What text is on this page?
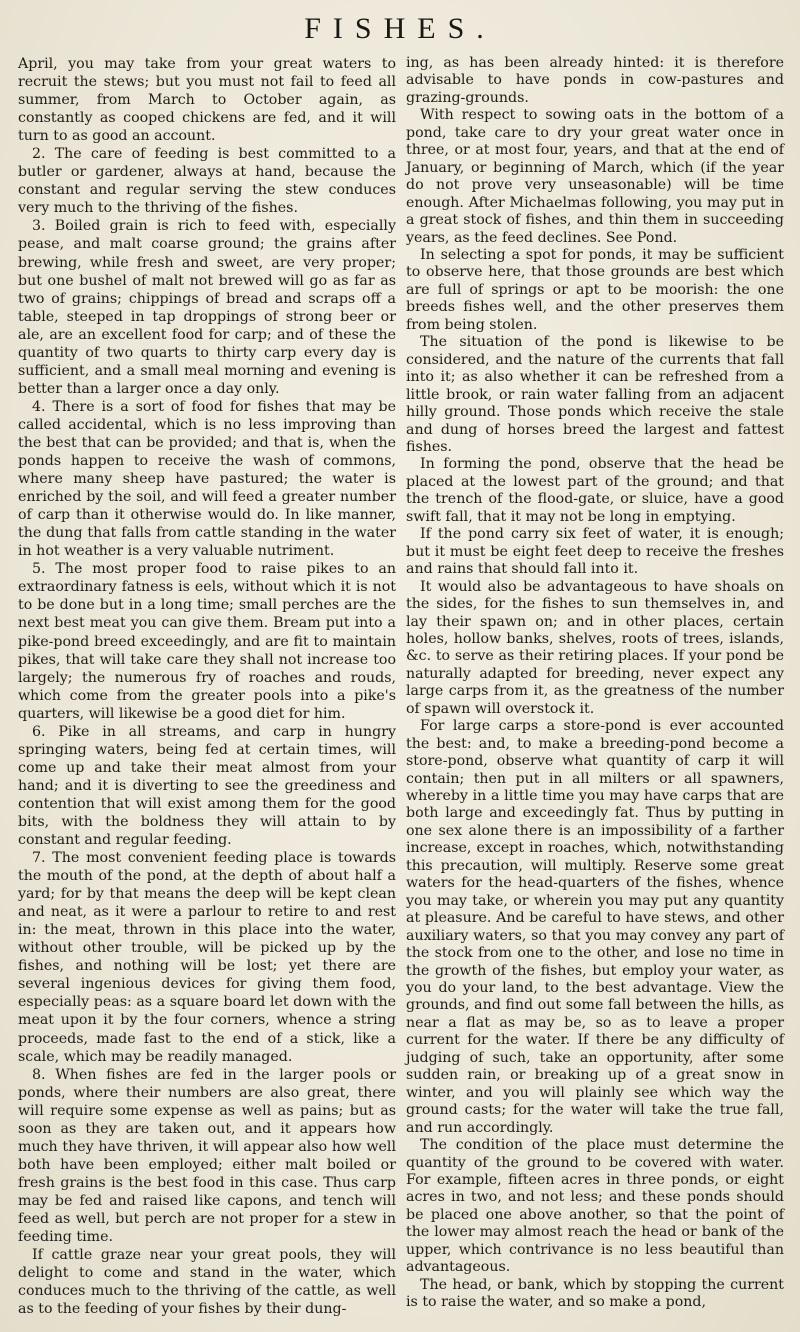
FISHES.

April, you may take from your great waters to recruit the stews; but you must not fail to feed all summer, from March to October again, as constantly as cooped chickens are fed, and it will turn to as good an account.

2. The care of feeding is best committed to a butler or gardener, always at hand, because the constant and regular serving the stew conduces very much to the thriving of the fishes.

3. Boiled grain is rich to feed with, especially pease, and malt coarse ground; the grains after brewing, while fresh and sweet, are very proper; but one bushel of malt not brewed will go as far as two of grains; chippings of bread and scraps off a table, steeped in tap droppings of strong beer or ale, are an excellent food for carp; and of these the quantity of two quarts to thirty carp every day is sufficient, and a small meal morning and evening is better than a larger once a day only.

4. There is a sort of food for fishes that may be called accidental, which is no less improving than the best that can be provided; and that is, when the ponds happen to receive the wash of commons, where many sheep have pastured; the water is enriched by the soil, and will feed a greater number of carp than it otherwise would do. In like manner, the dung that falls from cattle standing in the water in hot weather is a very valuable nutriment.

5. The most proper food to raise pikes to an extraordinary fatness is eels, without which it is not to be done but in a long time; small perches are the next best meat you can give them. Bream put into a pike-pond breed exceedingly, and are fit to maintain pikes, that will take care they shall not increase too largely; the numerous fry of roaches and rouds, which come from the greater pools into a pike's quarters, will likewise be a good diet for him.

6. Pike in all streams, and carp in hungry springing waters, being fed at certain times, will come up and take their meat almost from your hand; and it is diverting to see the greediness and contention that will exist among them for the good bits, with the boldness they will attain to by constant and regular feeding.

7. The most convenient feeding place is towards the mouth of the pond, at the depth of about half a yard; for by that means the deep will be kept clean and neat, as it were a parlour to retire to and rest in: the meat, thrown in this place into the water, without other trouble, will be picked up by the fishes, and nothing will be lost; yet there are several ingenious devices for giving them food, especially peas: as a square board let down with the meat upon it by the four corners, whence a string proceeds, made fast to the end of a stick, like a scale, which may be readily managed.

8. When fishes are fed in the larger pools or ponds, where their numbers are also great, there will require some expense as well as pains; but as soon as they are taken out, and it appears how much they have thriven, it will appear also how well both have been employed; either malt boiled or fresh grains is the best food in this case. Thus carp may be fed and raised like capons, and tench will feed as well, but perch are not proper for a stew in feeding time.

If cattle graze near your great pools, they will delight to come and stand in the water, which conduces much to the thriving of the cattle, as well as to the feeding of your fishes by their dung-

ing, as has been already hinted: it is therefore advisable to have ponds in cow-pastures and grazing-grounds.

With respect to sowing oats in the bottom of a pond, take care to dry your great water once in three, or at most four, years, and that at the end of January, or beginning of March, which (if the year do not prove very unseasonable) will be time enough. After Michaelmas following, you may put in a great stock of fishes, and thin them in succeeding years, as the feed declines. See Pond.

In selecting a spot for ponds, it may be sufficient to observe here, that those grounds are best which are full of springs or apt to be moorish: the one breeds fishes well, and the other preserves them from being stolen.

The situation of the pond is likewise to be considered, and the nature of the currents that fall into it; as also whether it can be refreshed from a little brook, or rain water falling from an adjacent hilly ground. Those ponds which receive the stale and dung of horses breed the largest and fattest fishes.

In forming the pond, observe that the head be placed at the lowest part of the ground; and that the trench of the flood-gate, or sluice, have a good swift fall, that it may not be long in emptying.

If the pond carry six feet of water, it is enough; but it must be eight feet deep to receive the freshes and rains that should fall into it.

It would also be advantageous to have shoals on the sides, for the fishes to sun themselves in, and lay their spawn on; and in other places, certain holes, hollow banks, shelves, roots of trees, islands, &c. to serve as their retiring places. If your pond be naturally adapted for breeding, never expect any large carps from it, as the greatness of the number of spawn will overstock it.

For large carps a store-pond is ever accounted the best: and, to make a breeding-pond become a store-pond, observe what quantity of carp it will contain; then put in all milters or all spawners, whereby in a little time you may have carps that are both large and exceedingly fat. Thus by putting in one sex alone there is an impossibility of a farther increase, except in roaches, which, notwithstanding this precaution, will multiply. Reserve some great waters for the head-quarters of the fishes, whence you may take, or wherein you may put any quantity at pleasure. And be careful to have stews, and other auxiliary waters, so that you may convey any part of the stock from one to the other, and lose no time in the growth of the fishes, but employ your water, as you do your land, to the best advantage. View the grounds, and find out some fall between the hills, as near a flat as may be, so as to leave a proper current for the water. If there be any difficulty of judging of such, take an opportunity, after some sudden rain, or breaking up of a great snow in winter, and you will plainly see which way the ground casts; for the water will take the true fall, and run accordingly.

The condition of the place must determine the quantity of the ground to be covered with water. For example, fifteen acres in three ponds, or eight acres in two, and not less; and these ponds should be placed one above another, so that the point of the lower may almost reach the head or bank of the upper, which contrivance is no less beautiful than advantageous.

The head, or bank, which by stopping the current is to raise the water, and so make a pond,
